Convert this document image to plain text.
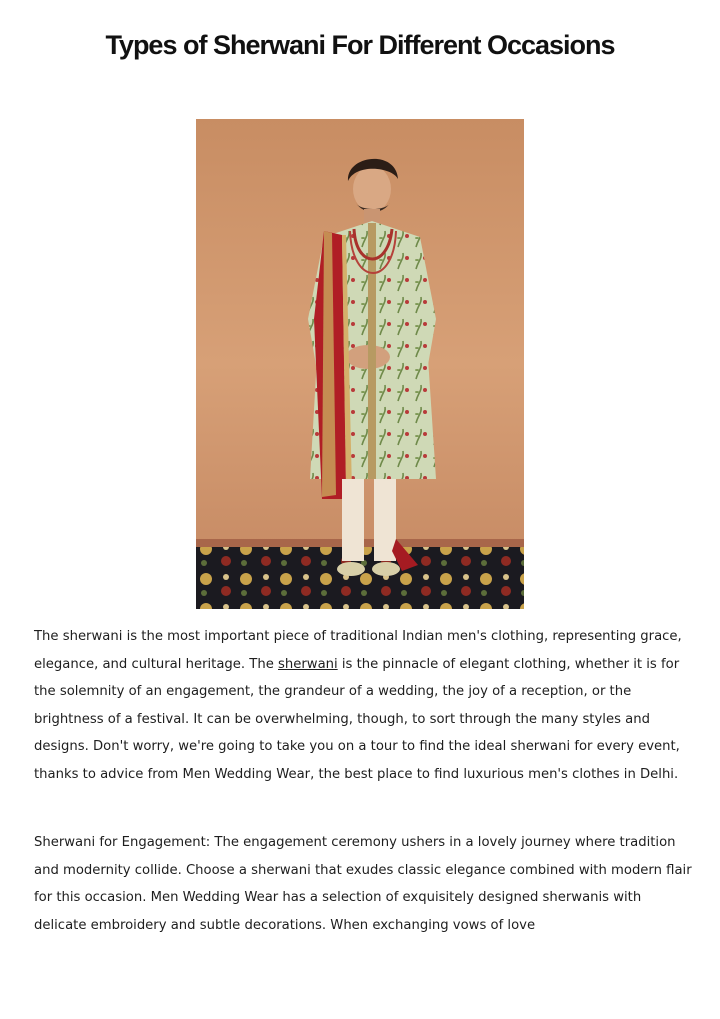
Types of Sherwani For Different Occasions

The sherwani is the most important piece of traditional Indian men's clothing, representing grace, elegance, and cultural heritage. The sherwani is the pinnacle of elegant clothing, whether it is for the solemnity of an engagement, the grandeur of a wedding, the joy of a reception, or the brightness of a festival. It can be overwhelming, though, to sort through the many styles and designs. Don't worry, we're going to take you on a tour to find the ideal sherwani for every event, thanks to advice from Men Wedding Wear, the best place to find luxurious men's clothes in Delhi.

Sherwani for Engagement: The engagement ceremony ushers in a lovely journey where tradition and modernity collide. Choose a sherwani that exudes classic elegance combined with modern flair for this occasion. Men Wedding Wear has a selection of exquisitely designed sherwanis with delicate embroidery and subtle decorations. When exchanging vows of love
